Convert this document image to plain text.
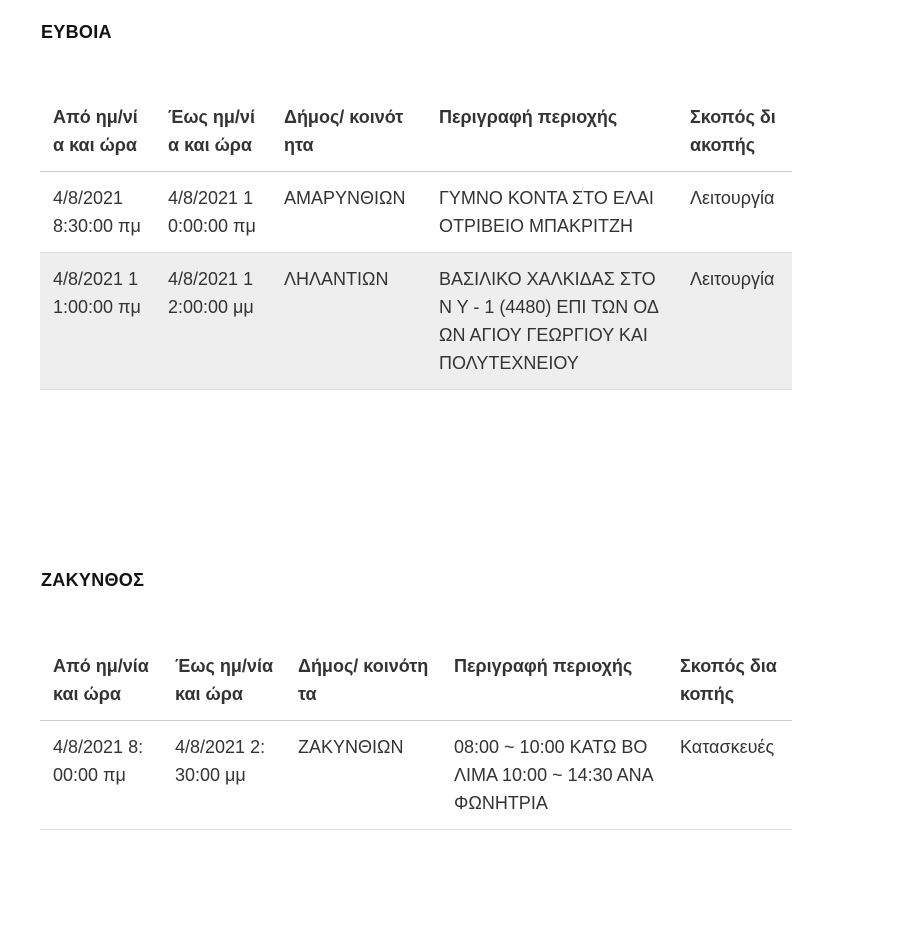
ΕΥΒΟΙΑ
Από ημ/νία και ώρα	Έως ημ/νία και ώρα	Δήμος/ κοινότητα	Περιγραφή περιοχής	Σκοπός διακοπής
4/8/2021 8:30:00 πμ	4/8/2021 10:00:00 πμ	ΑΜΑΡΥΝΘΙΩΝ	ΓΥΜΝΟ ΚΟΝΤΑ ΣΤΟ ΕΛΑΙΟΤΡΙΒΕΙΟ ΜΠΑΚΡΙΤΖΗ	Λειτουργία
4/8/2021 11:00:00 πμ	4/8/2021 12:00:00 μμ	ΛΗΛΑΝΤΙΩΝ	ΒΑΣΙΛΙΚΟ ΧΑΛΚΙΔΑΣ ΣΤΟΝ Υ - 1 (4480) ΕΠΙ ΤΩΝ ΟΔΩΝ ΑΓΙΟΥ ΓΕΩΡΓΙΟΥ ΚΑΙ ΠΟΛΥΤΕΧΝΕΙΟΥ	Λειτουργία
ΖΑΚΥΝΘΟΣ
Από ημ/νία και ώρα	Έως ημ/νία και ώρα	Δήμος/ κοινότητα	Περιγραφή περιοχής	Σκοπός διακοπής
4/8/2021 8:00:00 πμ	4/8/2021 2:30:00 μμ	ΖΑΚΥΝΘΙΩΝ	08:00 ~ 10:00 ΚΑΤΩ ΒΟΛΙΜΑ 10:00 ~ 14:30 ΑΝΑΦΩΝΗΤΡΙΑ	Κατασκευές
